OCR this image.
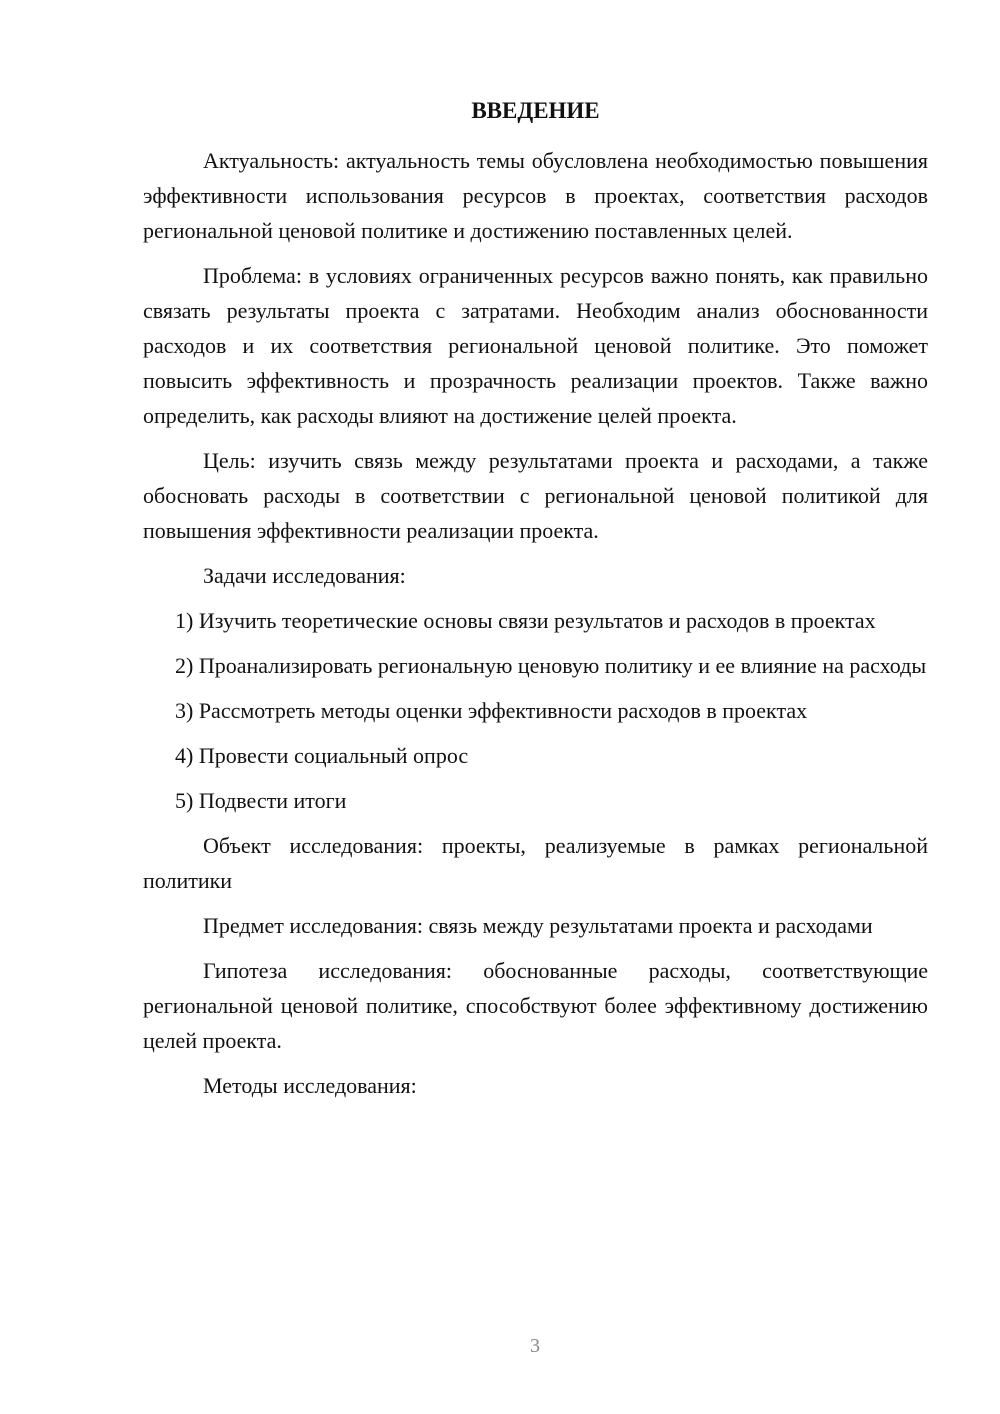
ВВЕДЕНИЕ
Актуальность: актуальность темы обусловлена необходимостью повышения эффективности использования ресурсов в проектах, соответствия расходов региональной ценовой политике и достижению поставленных целей.
Проблема: в условиях ограниченных ресурсов важно понять, как правильно связать результаты проекта с затратами. Необходим анализ обоснованности расходов и их соответствия региональной ценовой политике. Это поможет повысить эффективность и прозрачность реализации проектов. Также важно определить, как расходы влияют на достижение целей проекта.
Цель: изучить связь между результатами проекта и расходами, а также обосновать расходы в соответствии с региональной ценовой политикой для повышения эффективности реализации проекта.
Задачи исследования:
1) Изучить теоретические основы связи результатов и расходов в проектах
2) Проанализировать региональную ценовую политику и ее влияние на расходы
3) Рассмотреть методы оценки эффективности расходов в проектах
4) Провести социальный опрос
5) Подвести итоги
Объект исследования: проекты, реализуемые в рамках региональной политики
Предмет исследования: связь между результатами проекта и расходами
Гипотеза исследования: обоснованные расходы, соответствующие региональной ценовой политике, способствуют более эффективному достижению целей проекта.
Методы исследования:
3
